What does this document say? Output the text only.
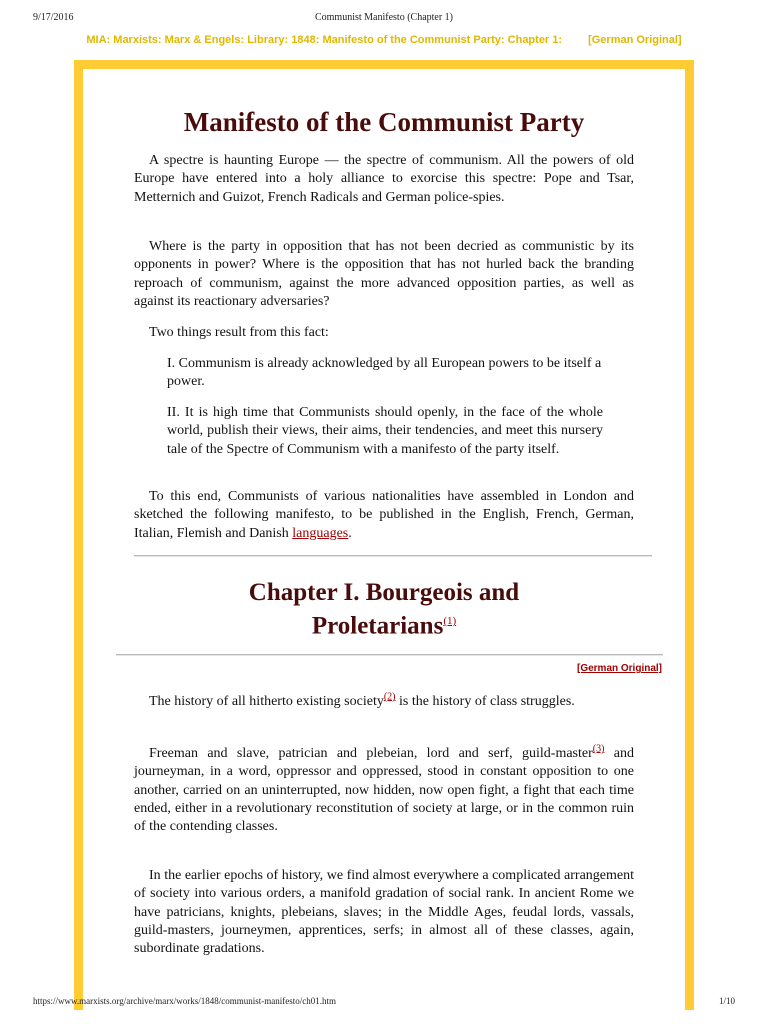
9/17/2016	Communist Manifesto (Chapter 1)
MIA: Marxists: Marx & Engels: Library: 1848: Manifesto of the Communist Party: Chapter 1: [German Original]
Manifesto of the Communist Party

A spectre is haunting Europe — the spectre of communism. All the powers of old Europe have entered into a holy alliance to exorcise this spectre: Pope and Tsar, Metternich and Guizot, French Radicals and German police-spies.

Where is the party in opposition that has not been decried as communistic by its opponents in power? Where is the opposition that has not hurled back the branding reproach of communism, against the more advanced opposition parties, as well as against its reactionary adversaries?

Two things result from this fact:

I. Communism is already acknowledged by all European powers to be itself a power.

II. It is high time that Communists should openly, in the face of the whole world, publish their views, their aims, their tendencies, and meet this nursery tale of the Spectre of Communism with a manifesto of the party itself.

To this end, Communists of various nationalities have assembled in London and sketched the following manifesto, to be published in the English, French, German, Italian, Flemish and Danish languages.

Chapter I. Bourgeois and
Proletarians$^{(1)}$
[German Original]

The history of all hitherto existing society$^{(2)}$ is the history of class struggles.

Freeman and slave, patrician and plebeian, lord and serf, guild-master$^{(3)}$ and journeyman, in a word, oppressor and oppressed, stood in constant opposition to one another, carried on an uninterrupted, now hidden, now open fight, a fight that each time ended, either in a revolutionary reconstitution of society at large, or in the common ruin of the contending classes.

In the earlier epochs of history, we find almost everywhere a complicated arrangement of society into various orders, a manifold gradation of social rank. In ancient Rome we have patricians, knights, plebeians, slaves; in the Middle Ages, feudal lords, vassals, guild-masters, journeymen, apprentices, serfs; in almost all of these classes, again, subordinate gradations.

https://www.marxists.org/archive/marx/works/1848/communist-manifesto/ch01.htm	1/10
